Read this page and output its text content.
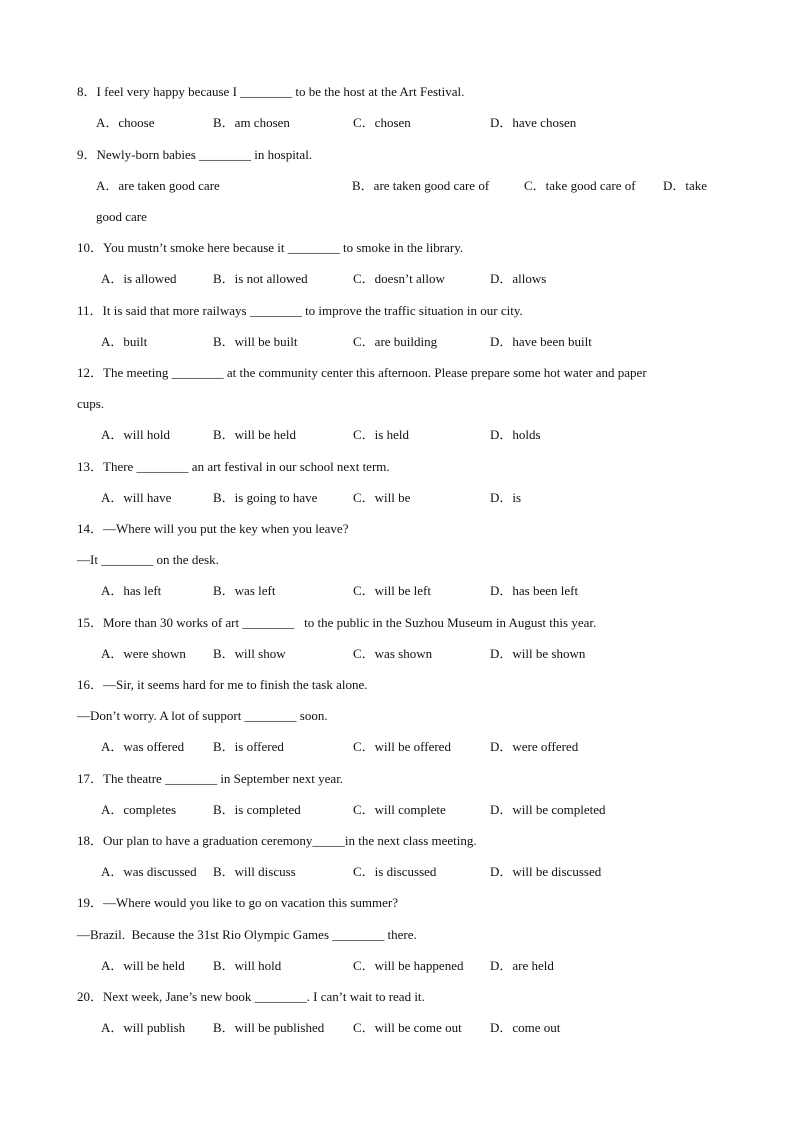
8．I feel very happy because I ________ to be the host at the Art Festival.
A．choose	B．am chosen	C．chosen	D．have chosen
9．Newly-born babies ________ in hospital.
A．are taken good care	B．are taken good care of	C．take good care of D．take
good care
10．You mustn’t smoke here because it ________ to smoke in the library.
A．is allowed	B．is not allowed	C．doesn’t allow	D．allows
11．It is said that more railways ________ to improve the traffic situation in our city.
A．built	B．will be built	C．are building	D．have been built
12．The meeting ________ at the community center this afternoon. Please prepare some hot water and paper
cups.
A．will hold	B．will be held	C．is held	D．holds
13．There ________ an art festival in our school next term.
A．will have	B．is going to have	C．will be	D．is
14．—Where will you put the key when you leave?
—It ________ on the desk.
A．has left	B．was left	C．will be left	D．has been left
15．More than 30 works of art ________   to the public in the Suzhou Museum in August this year.
A．were shown B．will show	C．was shown	D．will be shown
16．—Sir, it seems hard for me to finish the task alone.
—Don’t worry. A lot of support ________ soon.
A．was offered B．is offered	C．will be offered	D．were offered
17．The theatre ________ in September next year.
A．completes	B．is completed	C．will complete	D．will be completed
18．Our plan to have a graduation ceremony_____in the next class meeting.
A．was discussed B．will discuss	C．is discussed	D．will be discussed
19．—Where would you like to go on vacation this summer?
—Brazil.  Because the 31st Rio Olympic Games ________ there.
A．will be held B．will hold	C．will be happened D．are held
20．Next week, Jane’s new book ________. I can’t wait to read it.
A．will publish B．will be published C．will be come out D．come out
